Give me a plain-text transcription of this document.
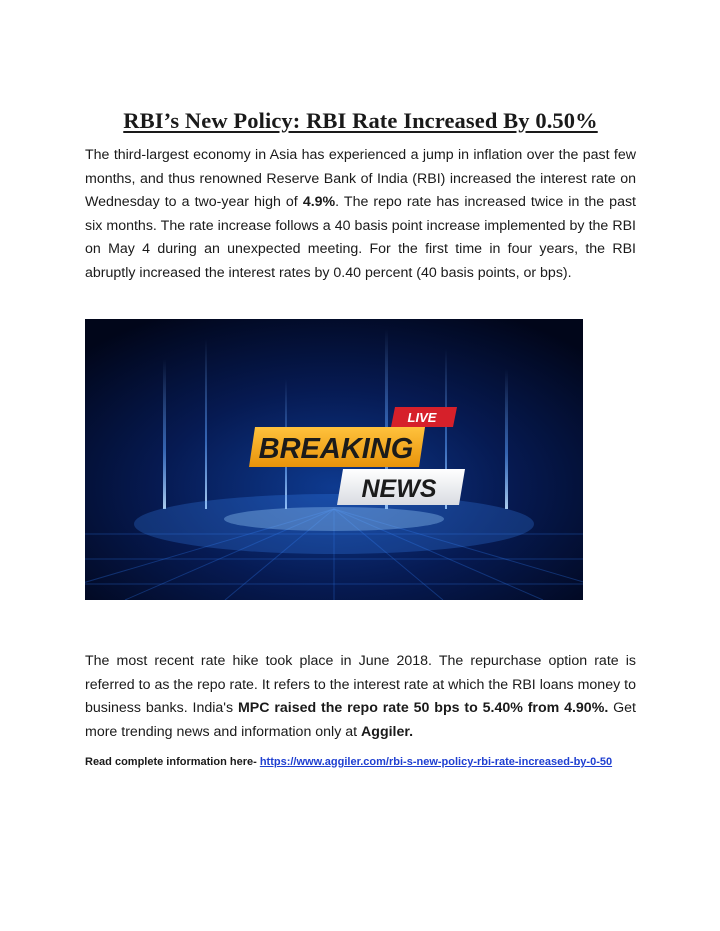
RBI’s New Policy: RBI Rate Increased By 0.50%

The third-largest economy in Asia has experienced a jump in inflation over the past few months, and thus renowned Reserve Bank of India (RBI) increased the interest rate on Wednesday to a two-year high of 4.9%. The repo rate has increased twice in the past six months. The rate increase follows a 40 basis point increase implemented by the RBI on May 4 during an unexpected meeting. For the first time in four years, the RBI abruptly increased the interest rates by 0.40 percent (40 basis points, or bps).

LIVE
BREAKING
NEWS

The most recent rate hike took place in June 2018. The repurchase option rate is referred to as the repo rate. It refers to the interest rate at which the RBI loans money to business banks. India's MPC raised the repo rate 50 bps to 5.40% from 4.90%. Get more trending news and information only at Aggiler.

Read complete information here- https://www.aggiler.com/rbi-s-new-policy-rbi-rate-increased-by-0-50
